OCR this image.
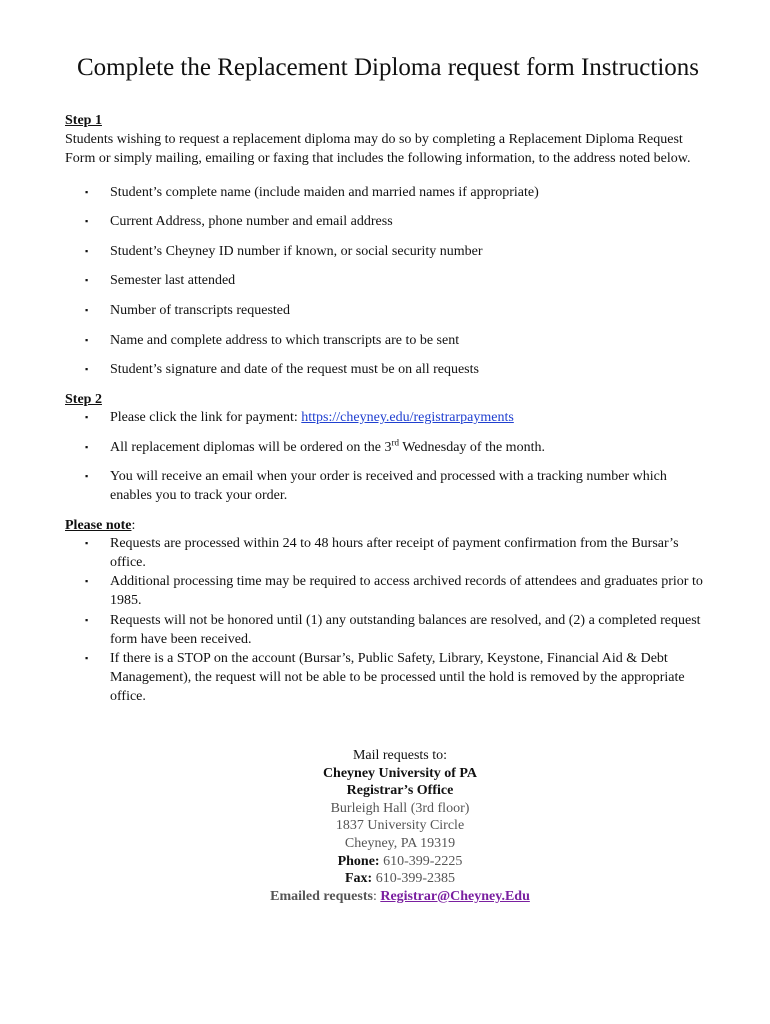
Complete the Replacement Diploma request form Instructions
Step 1
Students wishing to request a replacement diploma may do so by completing a Replacement Diploma Request Form or simply mailing, emailing or faxing that includes the following information, to the address noted below.
▪	Student’s complete name (include maiden and married names if appropriate)
▪	Current Address, phone number and email address
▪	Student’s Cheyney ID number if known, or social security number
▪	Semester last attended
▪	Number of transcripts requested
▪	Name and complete address to which transcripts are to be sent
▪	Student’s signature and date of the request must be on all requests
Step 2
▪	Please click the link for payment: https://cheyney.edu/registrarpayments
▪	All replacement diplomas will be ordered on the 3rd Wednesday of the month.
▪	You will receive an email when your order is received and processed with a tracking number which enables you to track your order.
Please note:
▪	Requests are processed within 24 to 48 hours after receipt of payment confirmation from the Bursar’s office.
▪	Additional processing time may be required to access archived records of attendees and graduates prior to 1985.
▪	Requests will not be honored until (1) any outstanding balances are resolved, and (2) a completed request form have been received.
▪	If there is a STOP on the account (Bursar’s, Public Safety, Library, Keystone, Financial Aid & Debt Management), the request will not be able to be processed until the hold is removed by the appropriate office.
Mail requests to:
Cheyney University of PA
Registrar’s Office
Burleigh Hall (3rd floor)
1837 University Circle
Cheyney, PA 19319
Phone: 610-399-2225
Fax: 610-399-2385
Emailed requests: Registrar@Cheyney.Edu
